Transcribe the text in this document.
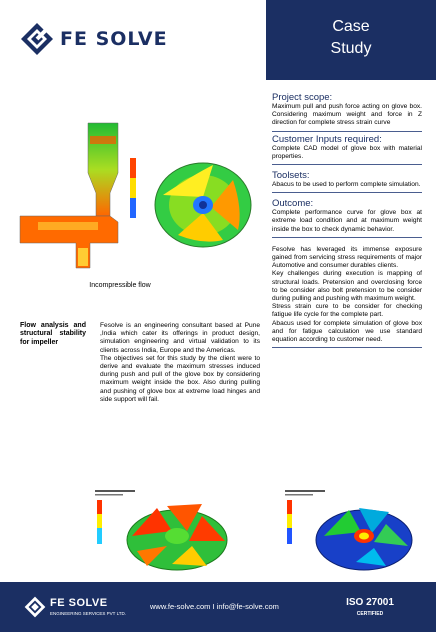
FE SOLVE
Case
Study
Incompressible flow
Project scope:
Maximum pull and push force acting on glove box. Considering maximum weight and force in Z direction for complete stress strain curve
Customer Inputs required:
Complete CAD model of glove box with material properties.
Toolsets:
Abacus to be used to perform complete simulation.
Outcome:
Complete performance curve for glove box at extreme load condition and at maximum weight inside the box to check dynamic behavior.
Fesolve has leveraged its immense exposure gained from servicing stress requirements of major Automotive and consumer durables clients.
Key challenges during execution is mapping of structural loads. Pretension and overclosing force to be consider also bolt pretension to be consider during pulling and pushing with maximum weight.
Stress strain cure to be consider for checking fatigue life cycle for the complete part.
Abacus used for complete simulation of glove box and for fatigue calculation we use standard equation according to customer need.
Flow analysis and structural stability for impeller
Fesolve is an engineering consultant based at Pune ,India which cater its offerings in product design, simulation engineering and virtual validation to its clients across India, Europe and the Americas.
The objectives set for this study by the client were to derive and evaluate the maximum stresses induced during push and pull of the glove box by considering maximum weight inside the box. Also during pulling and pushing of glove box at extreme load hinges and side support will fail.
FE SOLVE
ENGINEERING SERVICES PVT LTD.
www.fe-solve.com I info@fe-solve.com	ISO 27001
CERTIFIED
